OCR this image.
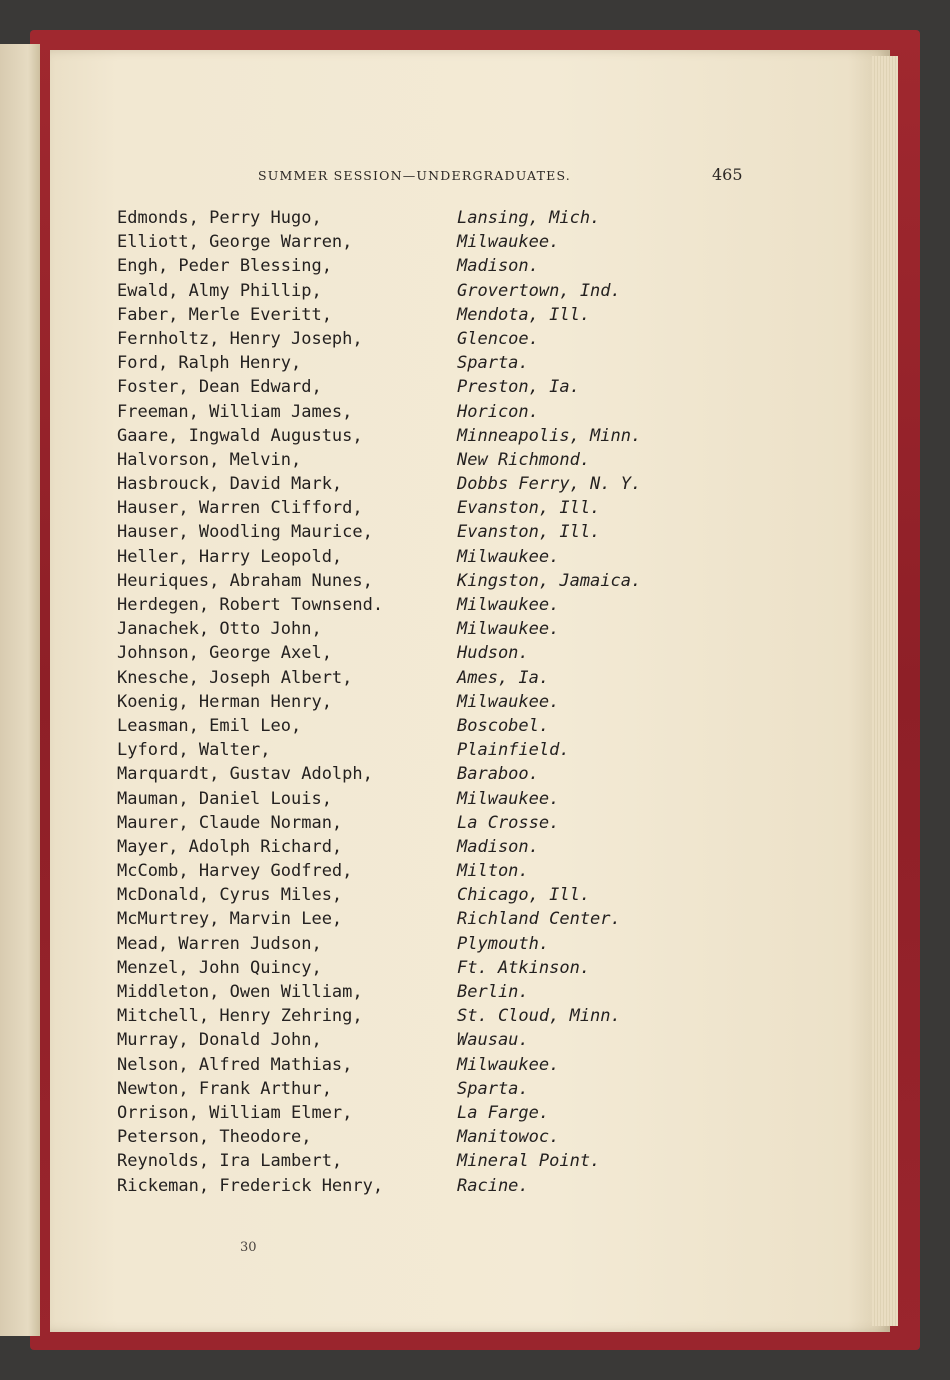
SUMMER SESSION—UNDERGRADUATES.	465
Edmonds, Perry Hugo,	Lansing, Mich.
Elliott, George Warren,	Milwaukee.
Engh, Peder Blessing,	Madison.
Ewald, Almy Phillip,	Grovertown, Ind.
Faber, Merle Everitt,	Mendota, Ill.
Fernholtz, Henry Joseph,	Glencoe.
Ford, Ralph Henry,	Sparta.
Foster, Dean Edward,	Preston, Ia.
Freeman, William James,	Horicon.
Gaare, Ingwald Augustus,	Minneapolis, Minn.
Halvorson, Melvin,	New Richmond.
Hasbrouck, David Mark,	Dobbs Ferry, N. Y.
Hauser, Warren Clifford,	Evanston, Ill.
Hauser, Woodling Maurice,	Evanston, Ill.
Heller, Harry Leopold,	Milwaukee.
Heuriques, Abraham Nunes,	Kingston, Jamaica.
Herdegen, Robert Townsend.	Milwaukee.
Janachek, Otto John,	Milwaukee.
Johnson, George Axel,	Hudson.
Knesche, Joseph Albert,	Ames, Ia.
Koenig, Herman Henry,	Milwaukee.
Leasman, Emil Leo,	Boscobel.
Lyford, Walter,	Plainfield.
Marquardt, Gustav Adolph,	Baraboo.
Mauman, Daniel Louis,	Milwaukee.
Maurer, Claude Norman,	La Crosse.
Mayer, Adolph Richard,	Madison.
McComb, Harvey Godfred,	Milton.
McDonald, Cyrus Miles,	Chicago, Ill.
McMurtrey, Marvin Lee,	Richland Center.
Mead, Warren Judson,	Plymouth.
Menzel, John Quincy,	Ft. Atkinson.
Middleton, Owen William,	Berlin.
Mitchell, Henry Zehring,	St. Cloud, Minn.
Murray, Donald John,	Wausau.
Nelson, Alfred Mathias,	Milwaukee.
Newton, Frank Arthur,	Sparta.
Orrison, William Elmer,	La Farge.
Peterson, Theodore,	Manitowoc.
Reynolds, Ira Lambert,	Mineral Point.
Rickeman, Frederick Henry,	Racine.
30
